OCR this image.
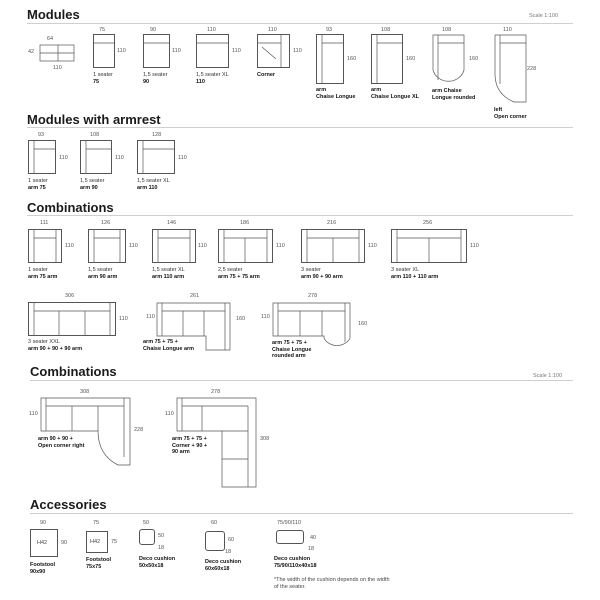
Modules	Scale 1:100
64
42
110
75
110
1 seater
75
90
110
1,5 seater
90
110
110
1,5 seater XL
110
110
110
Corner
93
160
arm
Chaise Longue
108
160
arm
Chaise Longue XL
108
160
arm Chaise
Longue rounded
110
228
left
Open corner
Modules with armrest
93
110
1 seater
arm 75
108
110
1,5 seater
arm 90
128
110
1,5 seater XL
arm 110
Combinations
111
110
1 seater
arm 75 arm
126
110
1,5 seater
arm 90 arm
146
110
1,5 seater XL
arm 110 arm
186
110
2,5 seater
arm 75 + 75 arm
216
110
3 seater
arm 90 + 90 arm
256
110
3 seater XL
arm 110 + 110 arm
306
110
3 seater XXL
arm 90 + 90 + 90 arm
261
110	160
arm 75 + 75 +
Chaise Longue arm
278
110
160
arm 75 + 75 +
Chaise Longue
rounded arm
Combinations	Scale 1:100
308
110
228
arm 90 + 90 +
Open corner right
278
110
308
arm 75 + 75 +
Corner + 90 +
90 arm
Accessories
90
H42	90
Footstool
90x90
75
H42 75
Footstool
75x75
50
50
18
Deco cushion
50x50x18
60
60
18
Deco cushion
60x60x18
75/90/110
40
18
Deco cushion
75/90/110x40x18
*The width of the cushion depends on the width of the seater.
